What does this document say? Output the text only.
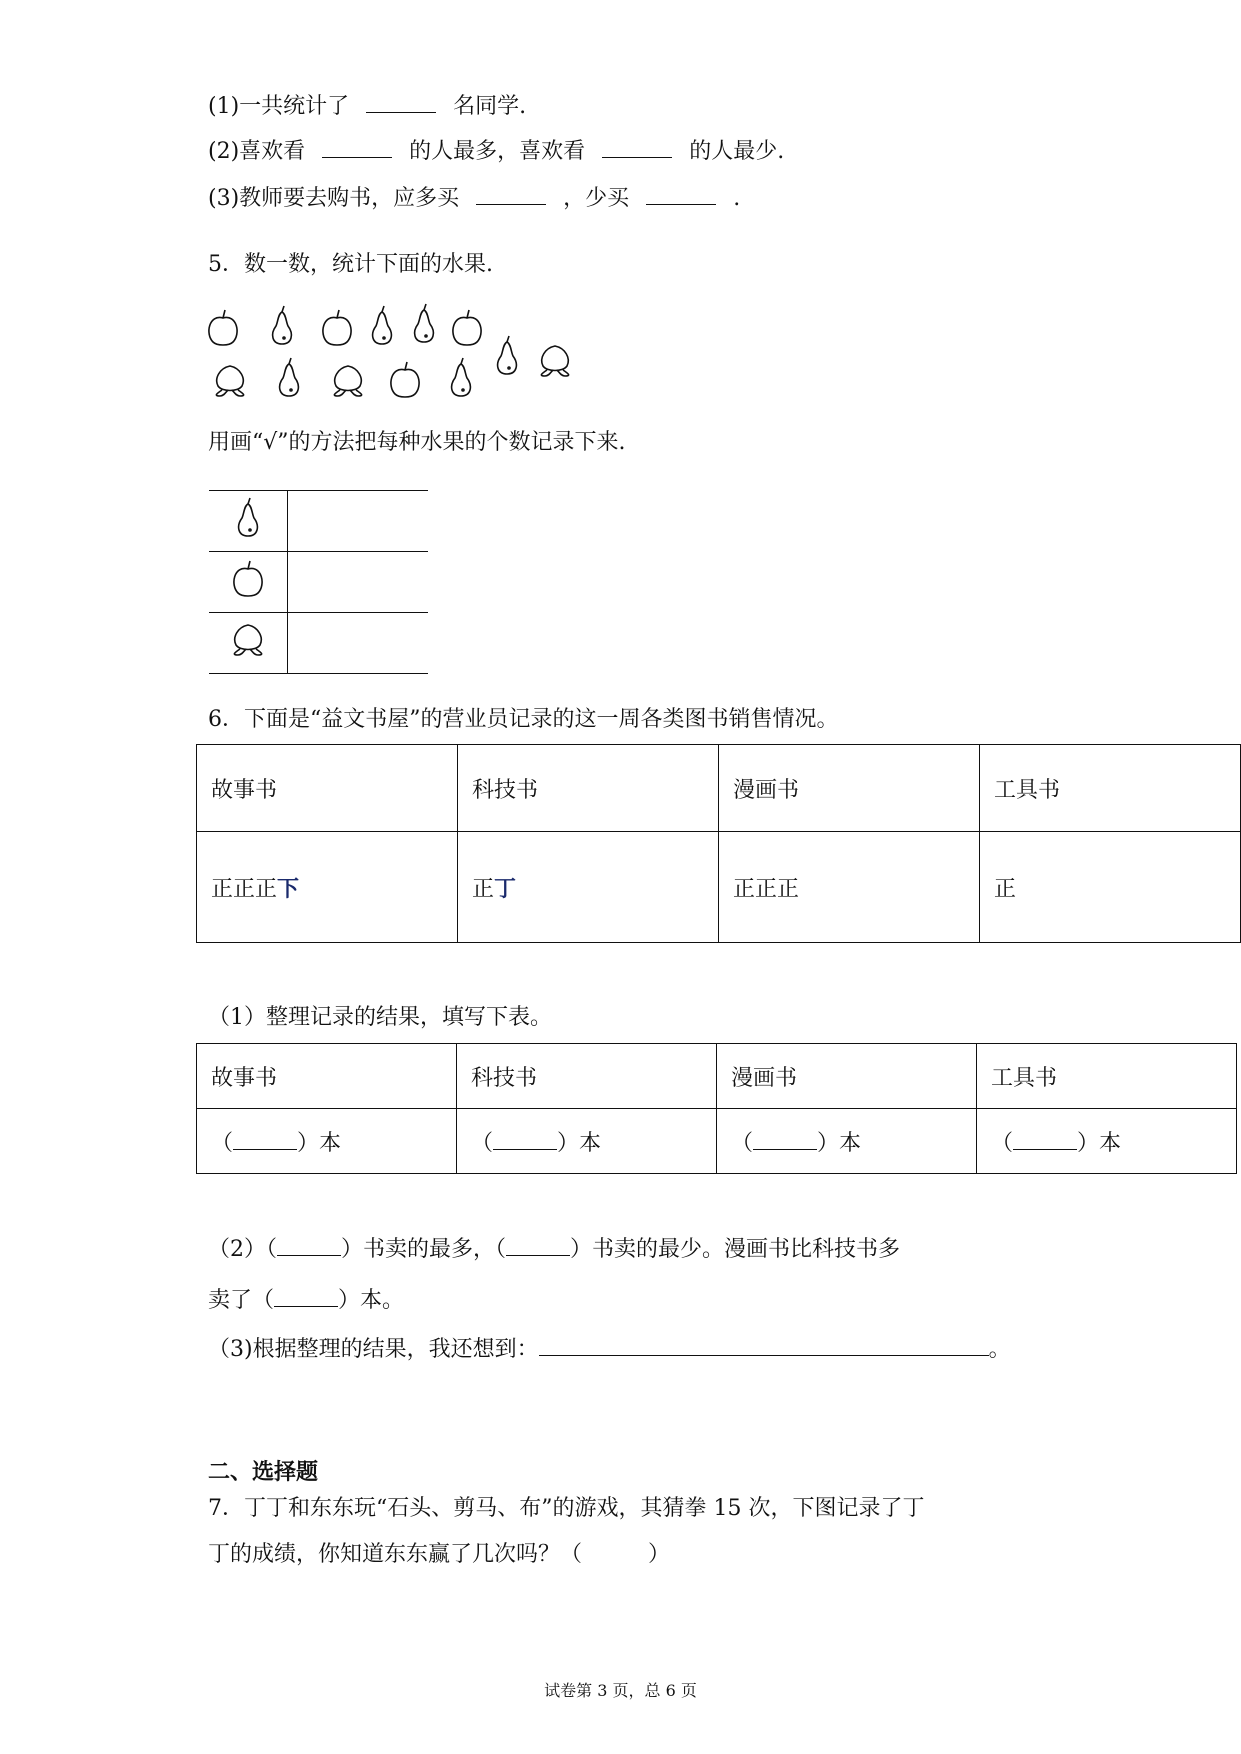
(1)一共统计了	名同学.
(2)喜欢看	的人最多，喜欢看	的人最少.
(3)教师要去购书，应多买	，少买	.
5．数一数，统计下面的水果.
用画“√”的方法把每种水果的个数记录下来.

6．下面是“益文书屋”的营业员记录的这一周各类图书销售情况。
故事书	科技书	漫画书	工具书
正正正下	正丁	正正正	正
（1）整理记录的结果，填写下表。
故事书	科技书	漫画书	工具书
（ ）本	（ ）本	（ ）本	（ ）本
（2）（	）书卖的最多，（	）书卖的最少。漫画书比科技书多
卖了（	）本。
（3)根据整理的结果，我还想到：	。
二、选择题
7．丁丁和东东玩“石头、剪马、布”的游戏，其猜拳 15 次，下图记录了丁
丁的成绩，你知道东东赢了几次吗？（　　　）
试卷第 3 页，总 6 页
